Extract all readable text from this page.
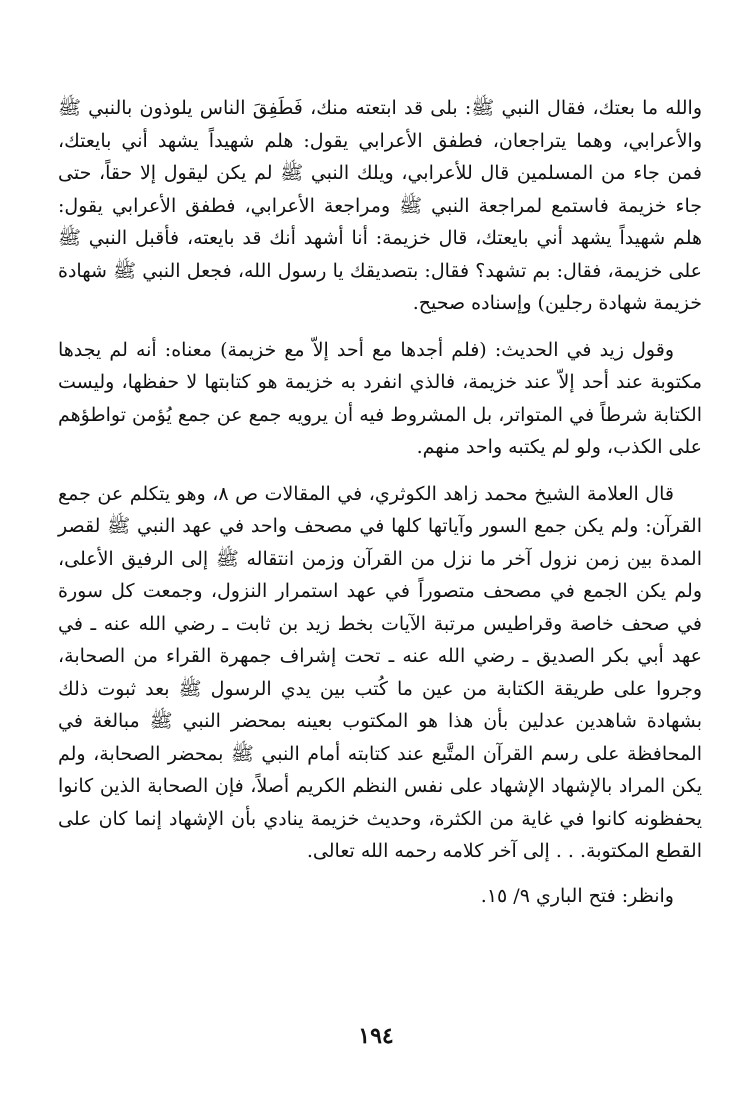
والله ما بعتك، فقال النبي ﷺ: بلى قد ابتعته منك، فَطَفِقَ الناس يلوذون بالنبي ﷺ والأعرابي، وهما يتراجعان، فطفق الأعرابي يقول: هلم شهيداً يشهد أني بايعتك، فمن جاء من المسلمين قال للأعرابي، ويلك النبي ﷺ لم يكن ليقول إلا حقاً، حتى جاء خزيمة فاستمع لمراجعة النبي ﷺ ومراجعة الأعرابي، فطفق الأعرابي يقول: هلم شهيداً يشهد أني بايعتك، قال خزيمة: أنا أشهد أنك قد بايعته، فأقبل النبي ﷺ على خزيمة، فقال: بم تشهد؟ فقال: بتصديقك يا رسول الله، فجعل النبي ﷺ شهادة خزيمة شهادة رجلين) وإسناده صحيح.

وقول زيد في الحديث: (فلم أجدها مع أحد إلاّ مع خزيمة) معناه: أنه لم يجدها مكتوبة عند أحد إلاّ عند خزيمة، فالذي انفرد به خزيمة هو كتابتها لا حفظها، وليست الكتابة شرطاً في المتواتر، بل المشروط فيه أن يرويه جمع عن جمع يُؤمن تواطؤهم على الكذب، ولو لم يكتبه واحد منهم.

قال العلامة الشيخ محمد زاهد الكوثري، في المقالات ص ٨، وهو يتكلم عن جمع القرآن: ولم يكن جمع السور وآياتها كلها في مصحف واحد في عهد النبي ﷺ لقصر المدة بين زمن نزول آخر ما نزل من القرآن وزمن انتقاله ﷺ إلى الرفيق الأعلى، ولم يكن الجمع في مصحف متصوراً في عهد استمرار النزول، وجمعت كل سورة في صحف خاصة وقراطيس مرتبة الآيات بخط زيد بن ثابت ـ رضي الله عنه ـ في عهد أبي بكر الصديق ـ رضي الله عنه ـ تحت إشراف جمهرة القراء من الصحابة، وجروا على طريقة الكتابة من عين ما كُتب بين يدي الرسول ﷺ بعد ثبوت ذلك بشهادة شاهدين عدلين بأن هذا هو المكتوب بعينه بمحضر النبي ﷺ مبالغة في المحافظة على رسم القرآن المتَّبع عند كتابته أمام النبي ﷺ بمحضر الصحابة، ولم يكن المراد بالإشهاد الإشهاد على نفس النظم الكريم أصلاً، فإن الصحابة الذين كانوا يحفظونه كانوا في غاية من الكثرة، وحديث خزيمة ينادي بأن الإشهاد إنما كان على القطع المكتوبة. . . إلى آخر كلامه رحمه الله تعالى.

وانظر: فتح الباري ٩/ ١٥.

١٩٤
